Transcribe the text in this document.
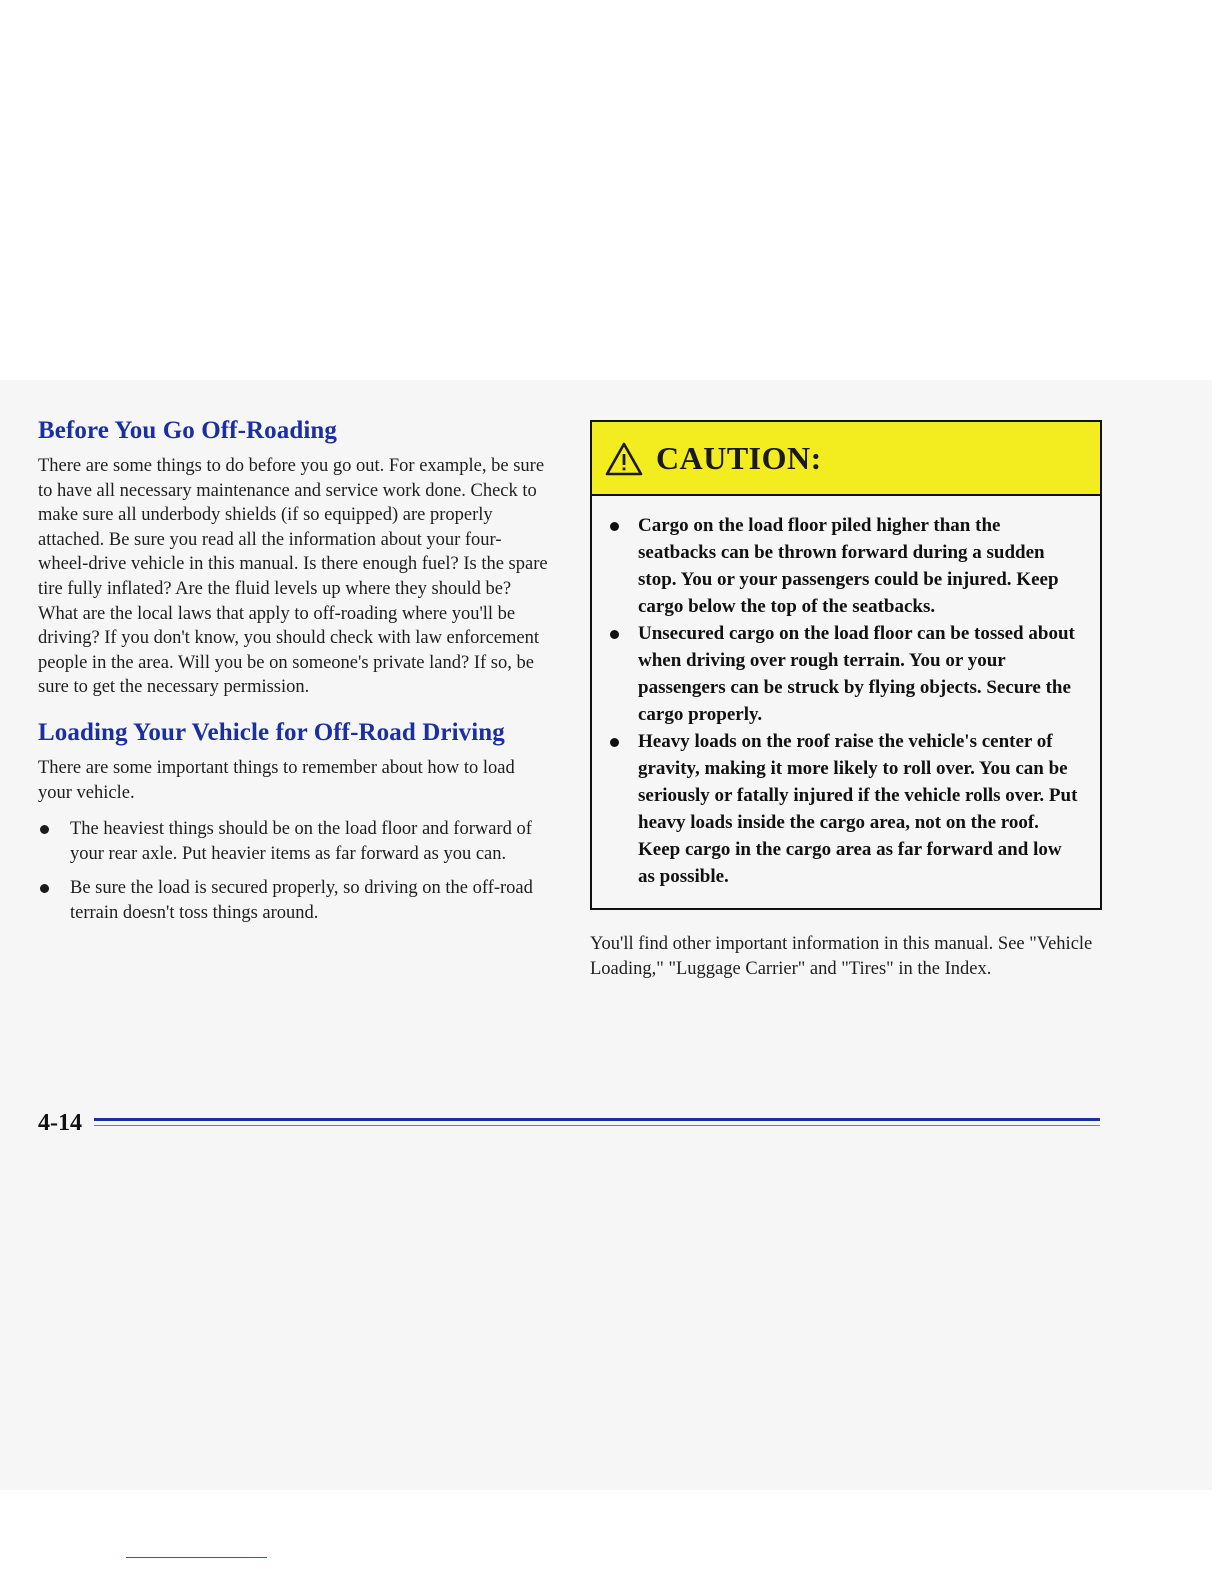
Before You Go Off-Roading

There are some things to do before you go out. For example, be sure to have all necessary maintenance and service work done. Check to make sure all underbody shields (if so equipped) are properly attached. Be sure you read all the information about your four-wheel-drive vehicle in this manual. Is there enough fuel? Is the spare tire fully inflated? Are the fluid levels up where they should be? What are the local laws that apply to off-roading where you'll be driving? If you don't know, you should check with law enforcement people in the area. Will you be on someone's private land? If so, be sure to get the necessary permission.

Loading Your Vehicle for Off-Road Driving

There are some important things to remember about how to load your vehicle.

The heaviest things should be on the load floor and forward of your rear axle. Put heavier items as far forward as you can.
Be sure the load is secured properly, so driving on the off-road terrain doesn't toss things around.
CAUTION:
Cargo on the load floor piled higher than the seatbacks can be thrown forward during a sudden stop. You or your passengers could be injured. Keep cargo below the top of the seatbacks.
Unsecured cargo on the load floor can be tossed about when driving over rough terrain. You or your passengers can be struck by flying objects. Secure the cargo properly.
Heavy loads on the roof raise the vehicle's center of gravity, making it more likely to roll over. You can be seriously or fatally injured if the vehicle rolls over. Put heavy loads inside the cargo area, not on the roof. Keep cargo in the cargo area as far forward and low as possible.

You'll find other important information in this manual. See "Vehicle Loading," "Luggage Carrier" and "Tires" in the Index.

4-14
